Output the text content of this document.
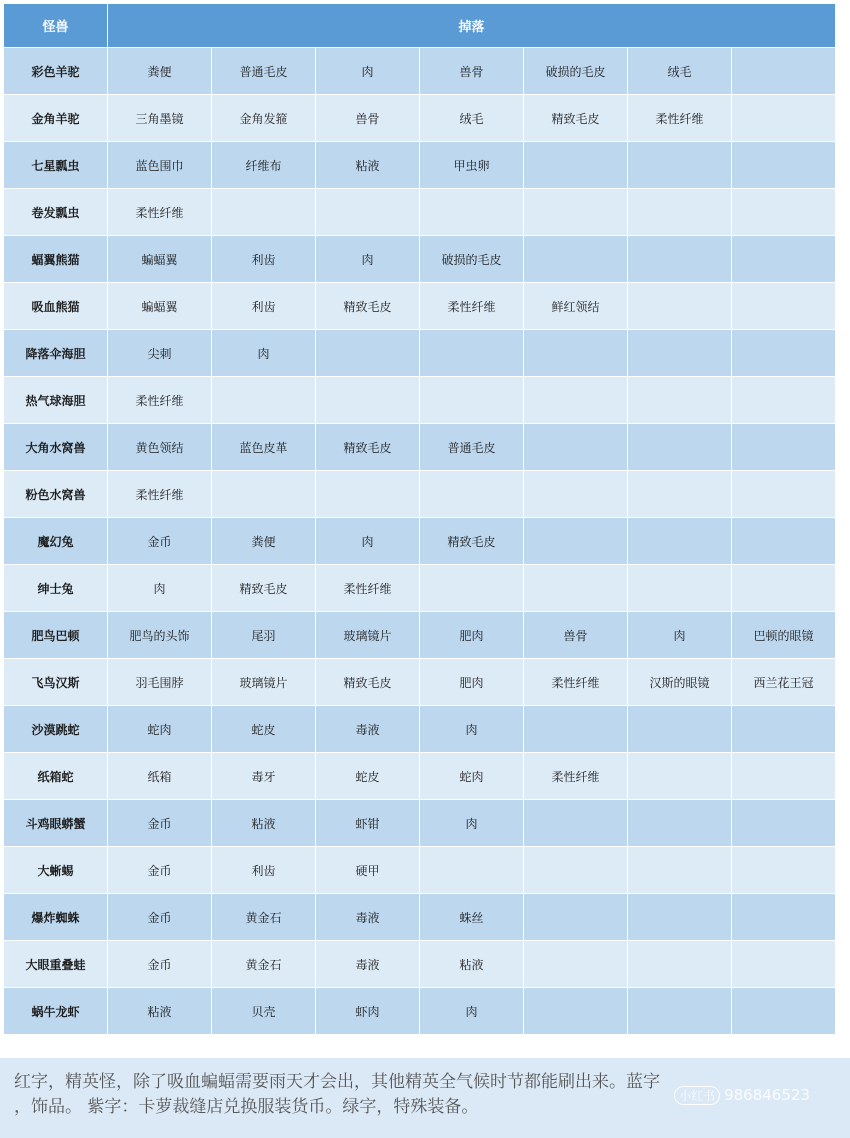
怪兽	掉落						
彩色羊驼	粪便	普通毛皮	肉	兽骨	破损的毛皮	绒毛	
金角羊驼	三角墨镜	金角发箍	兽骨	绒毛	精致毛皮	柔性纤维	
七星瓢虫	蓝色围巾	纤维布	粘液	甲虫卵			
卷发瓢虫	柔性纤维						
蝠翼熊猫	蝙蝠翼	利齿	肉	破损的毛皮			
吸血熊猫	蝙蝠翼	利齿	精致毛皮	柔性纤维	鲜红领结		
降落伞海胆	尖刺	肉					
热气球海胆	柔性纤维						
大角水窝兽	黄色领结	蓝色皮革	精致毛皮	普通毛皮			
粉色水窝兽	柔性纤维						
魔幻兔	金币	粪便	肉	精致毛皮			
绅士兔	肉	精致毛皮	柔性纤维				
肥鸟巴顿	肥鸟的头饰	尾羽	玻璃镜片	肥肉	兽骨	肉	巴顿的眼镜
飞鸟汉斯	羽毛围脖	玻璃镜片	精致毛皮	肥肉	柔性纤维	汉斯的眼镜	西兰花王冠
沙漠跳蛇	蛇肉	蛇皮	毒液	肉			
纸箱蛇	纸箱	毒牙	蛇皮	蛇肉	柔性纤维		
斗鸡眼蟒蟹	金币	粘液	虾钳	肉			
大蜥蜴	金币	利齿	硬甲				
爆炸蜘蛛	金币	黄金石	毒液	蛛丝			
大眼重叠蛙	金币	黄金石	毒液	粘液			
蜗牛龙虾	粘液	贝壳	虾肉	肉			
红字，精英怪，除了吸血蝙蝠需要雨天才会出，其他精英全气候时节都能刷出来。蓝字
，饰品。 紫字：卡萝裁缝店兑换服装货币。绿字，特殊装备。
小红书 986846523
